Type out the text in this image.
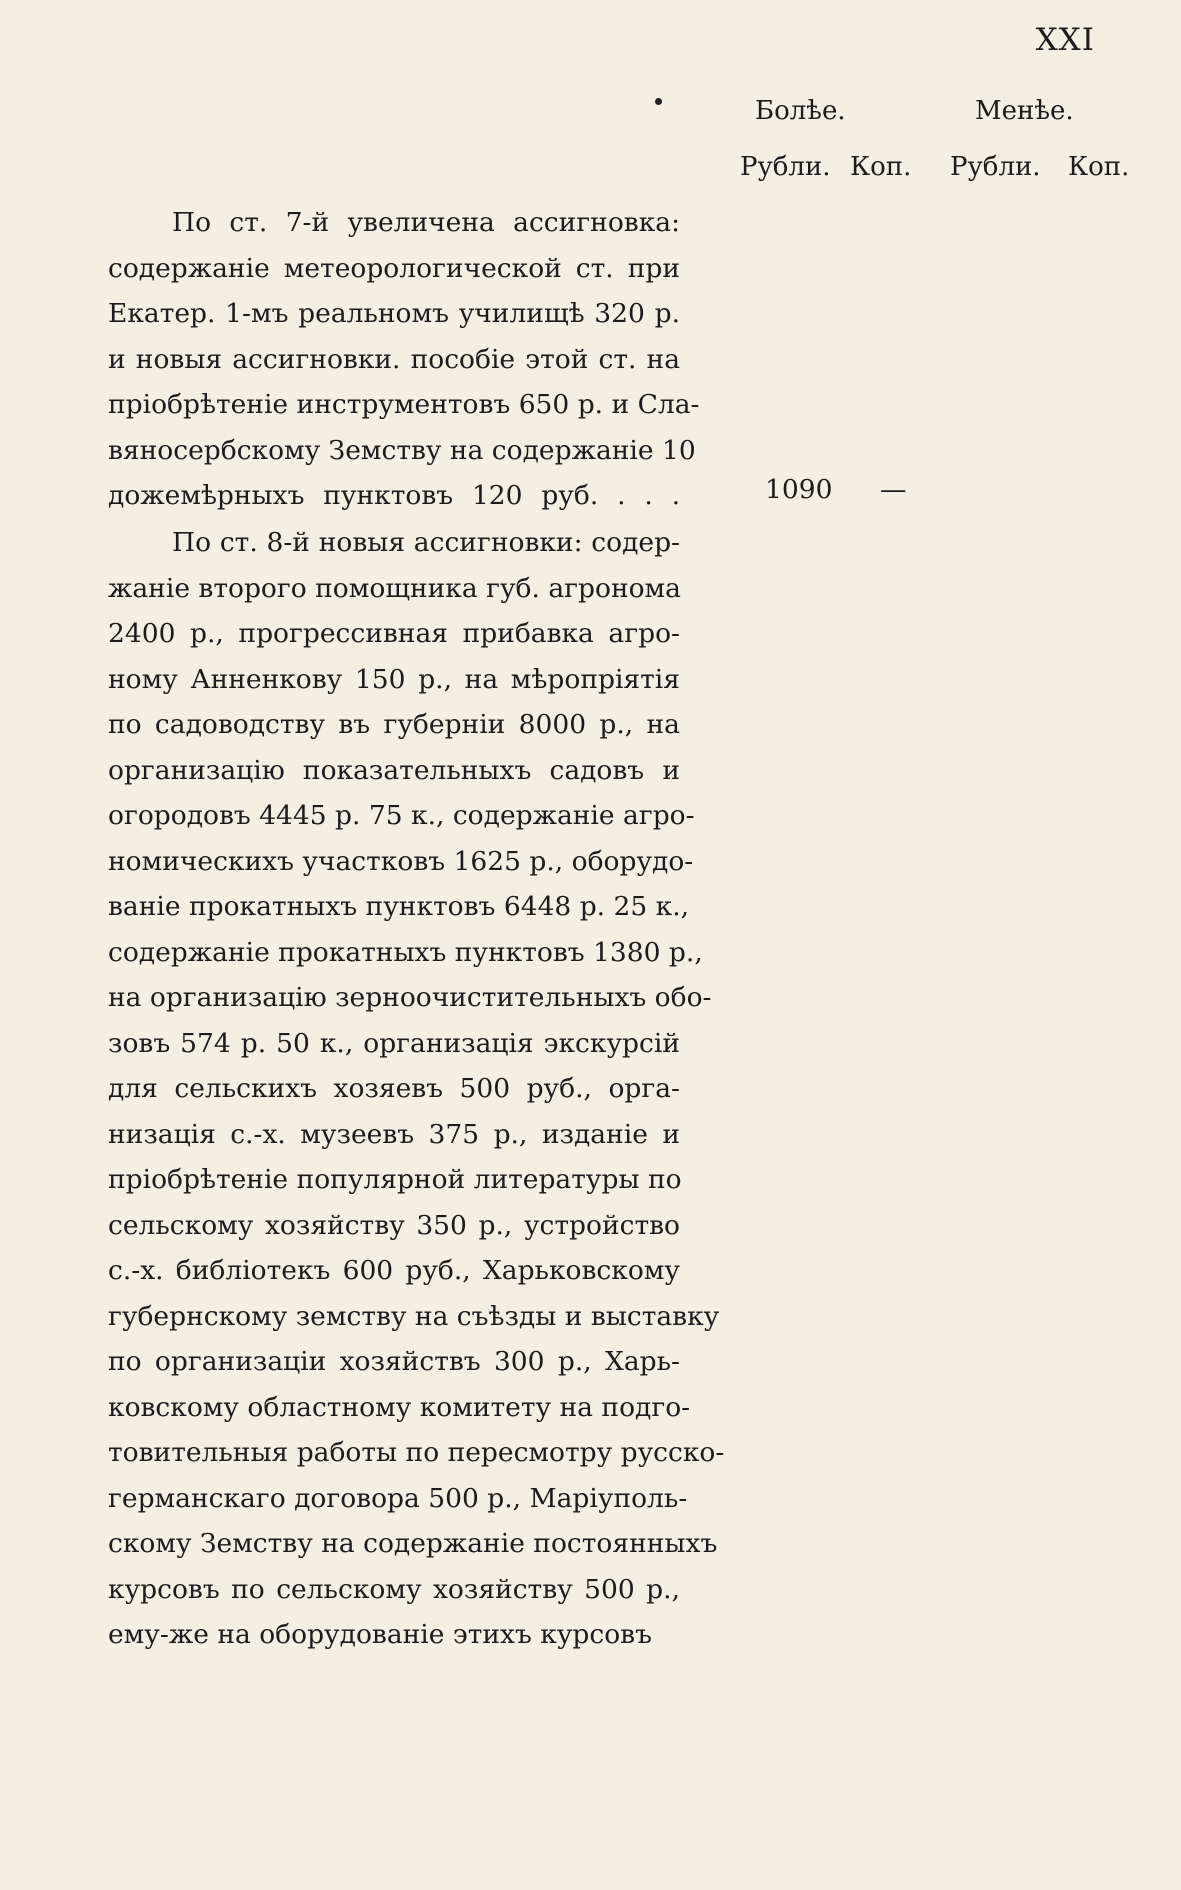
XXI
Болѣе.	Менѣе.
Рубли. Коп. Рубли. Коп.
По ст. 7-й увеличена ассигновка:
содержаніе метеорологической ст. при
Екатер. 1-мъ реальномъ училищѣ 320 р.
и новыя ассигновки. пособіе этой ст. на
пріобрѣтеніе инструментовъ 650 р. и Сла-
вяносербскому Земству на содержаніе 10
дожемѣрныхъ пунктовъ 120 руб. . . .	1090 —
По ст. 8-й новыя ассигновки: содер-
жаніе второго помощника губ. агронома
2400 р., прогрессивная прибавка агро-
ному Анненкову 150 р., на мѣропріятія
по садоводству въ губерніи 8000 р., на
организацію показательныхъ садовъ и
огородовъ 4445 р. 75 к., содержаніе агро-
номическихъ участковъ 1625 р., оборудо-
ваніе прокатныхъ пунктовъ 6448 р. 25 к.,
содержаніе прокатныхъ пунктовъ 1380 р.,
на организацію зерноочистительныхъ обо-
зовъ 574 р. 50 к., организація экскурсій
для сельскихъ хозяевъ 500 руб., орга-
низація с.-х. музеевъ 375 р., изданіе и
пріобрѣтеніе популярной литературы по
сельскому хозяйству 350 р., устройство
с.-х. библіотекъ 600 руб., Харьковскому
губернскому земству на съѣзды и выставку
по организаціи хозяйствъ 300 р., Харь-
ковскому областному комитету на подго-
товительныя работы по пересмотру русско-
германскаго договора 500 р., Маріуполь-
скому Земству на содержаніе постоянныхъ
курсовъ по сельскому хозяйству 500 р.,
ему-же на оборудованіе этихъ курсовъ
